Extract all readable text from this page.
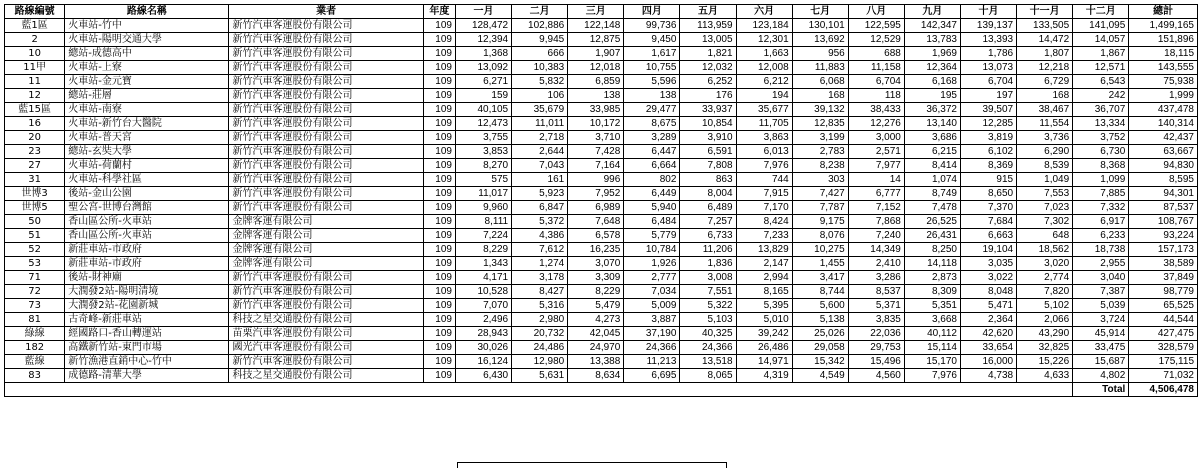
路線編號	路線名稱	業者	年度	一月	二月	三月	四月	五月	六月	七月	八月	九月	十月	十一月	十二月	總計
藍1區	火車站-竹中	新竹汽車客運股份有限公司	109	128,472	102,886	122,148	99,736	113,959	123,184	130,101	122,595	142,347	139,137	133,505	141,095	1,499,165
2	火車站-陽明交通大學	新竹汽車客運股份有限公司	109	12,394	9,945	12,875	9,450	13,005	12,301	13,692	12,529	13,783	13,393	14,472	14,057	151,896
10	總站-成德高中	新竹汽車客運股份有限公司	109	1,368	666	1,907	1,617	1,821	1,663	956	688	1,969	1,786	1,807	1,867	18,115
11甲	火車站-上寮	新竹汽車客運股份有限公司	109	13,092	10,383	12,018	10,755	12,032	12,008	11,883	11,158	12,364	13,073	12,218	12,571	143,555
11	火車站-金元寶	新竹汽車客運股份有限公司	109	6,271	5,832	6,859	5,596	6,252	6,212	6,068	6,704	6,168	6,704	6,729	6,543	75,938
12	總站-莊層	新竹汽車客運股份有限公司	109	159	106	138	138	176	194	168	118	195	197	168	242	1,999
藍15區	火車站-南寮	新竹汽車客運股份有限公司	109	40,105	35,679	33,985	29,477	33,937	35,677	39,132	38,433	36,372	39,507	38,467	36,707	437,478
16	火車站-新竹台大醫院	新竹汽車客運股份有限公司	109	12,473	11,011	10,172	8,675	10,854	11,705	12,835	12,276	13,140	12,285	11,554	13,334	140,314
20	火車站-普天宮	新竹汽車客運股份有限公司	109	3,755	2,718	3,710	3,289	3,910	3,863	3,199	3,000	3,686	3,819	3,736	3,752	42,437
23	總站-玄奘大學	新竹汽車客運股份有限公司	109	3,853	2,644	7,428	6,447	6,591	6,013	2,783	2,571	6,215	6,102	6,290	6,730	63,667
27	火車站-荷蘭村	新竹汽車客運股份有限公司	109	8,270	7,043	7,164	6,664	7,808	7,976	8,238	7,977	8,414	8,369	8,539	8,368	94,830
31	火車站-科學社區	新竹汽車客運股份有限公司	109	575	161	996	802	863	744	303	14	1,074	915	1,049	1,099	8,595
世博3	後站-金山公園	新竹汽車客運股份有限公司	109	11,017	5,923	7,952	6,449	8,004	7,915	7,427	6,777	8,749	8,650	7,553	7,885	94,301
世博5	聖公宮-世博台灣館	新竹汽車客運股份有限公司	109	9,960	6,847	6,989	5,940	6,489	7,170	7,787	7,152	7,478	7,370	7,023	7,332	87,537
50	香山區公所-火車站	金牌客運有限公司	109	8,111	5,372	7,648	6,484	7,257	8,424	9,175	7,868	26,525	7,684	7,302	6,917	108,767
51	香山區公所-火車站	金牌客運有限公司	109	7,224	4,386	6,578	5,779	6,733	7,233	8,076	7,240	26,431	6,663	648	6,233	93,224
52	新莊車站-市政府	金牌客運有限公司	109	8,229	7,612	16,235	10,784	11,206	13,829	10,275	14,349	8,250	19,104	18,562	18,738	157,173
53	新莊車站-市政府	金牌客運有限公司	109	1,343	1,274	3,070	1,926	1,836	2,147	1,455	2,410	14,118	3,035	3,020	2,955	38,589
71	後站-財神廟	新竹汽車客運股份有限公司	109	4,171	3,178	3,309	2,777	3,008	2,994	3,417	3,286	2,873	3,022	2,774	3,040	37,849
72	大潤發2站-陽明清境	新竹汽車客運股份有限公司	109	10,528	8,427	8,229	7,034	7,551	8,165	8,744	8,537	8,309	8,048	7,820	7,387	98,779
73	大潤發2站-花園新城	新竹汽車客運股份有限公司	109	7,070	5,316	5,479	5,009	5,322	5,395	5,600	5,371	5,351	5,471	5,102	5,039	65,525
81	古奇峰-新莊車站	科技之星交通股份有限公司	109	2,496	2,980	4,273	3,887	5,103	5,010	5,138	3,835	3,668	2,364	2,066	3,724	44,544
綠線	經國路口-香山轉運站	苗栗汽車客運股份有限公司	109	28,943	20,732	42,045	37,190	40,325	39,242	25,026	22,036	40,112	42,620	43,290	45,914	427,475
182	高鐵新竹站-東門市場	國光汽車客運股份有限公司	109	30,026	24,486	24,970	24,366	24,366	26,486	29,058	29,753	15,114	33,654	32,825	33,475	328,579
藍線	新竹漁港直銷中心-竹中	新竹汽車客運股份有限公司	109	16,124	12,980	13,388	11,213	13,518	14,971	15,342	15,496	15,170	16,000	15,226	15,687	175,115
83	成德路-清華大學	科技之星交通股份有限公司	109	6,430	5,631	8,634	6,695	8,065	4,319	4,549	4,560	7,976	4,738	4,633	4,802	71,032
															Total	4,506,478
